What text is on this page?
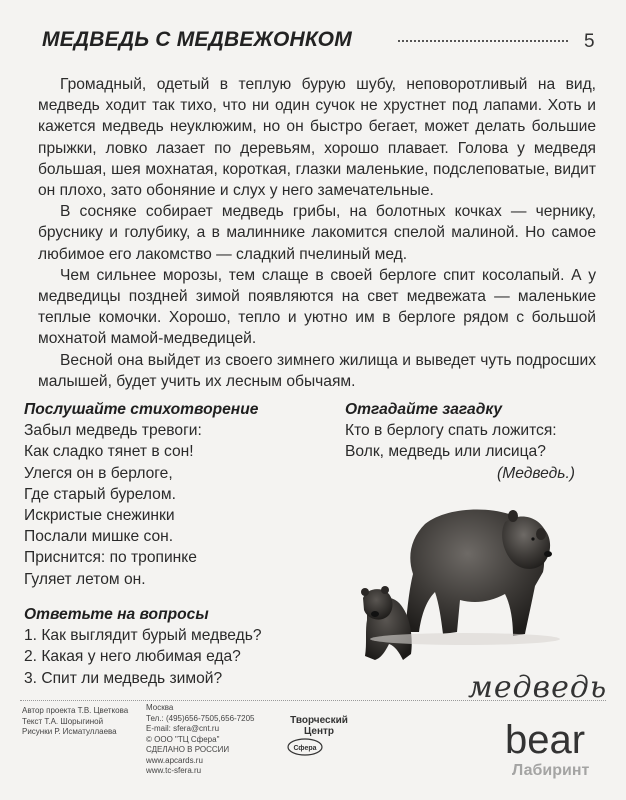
МЕДВЕДЬ С МЕДВЕЖОНКОМ	5

Громадный, одетый в теплую бурую шубу, неповоротливый на вид, медведь ходит так тихо, что ни один сучок не хрустнет под лапами. Хоть и кажется медведь неуклюжим, но он быстро бегает, может делать большие прыжки, ловко лазает по деревьям, хорошо плавает. Голова у медведя большая, шея мохнатая, короткая, глазки маленькие, подслеповатые, видит он плохо, зато обоняние и слух у него замечательные.

В сосняке собирает медведь грибы, на болотных кочках — чернику, бруснику и голубику, а в малиннике лакомится спелой малиной. Но самое любимое его лакомство — сладкий пчелиный мед.

Чем сильнее морозы, тем слаще в своей берлоге спит косолапый. А у медведицы поздней зимой появляются на свет медвежата — маленькие теплые комочки. Хорошо, тепло и уютно им в берлоге рядом с большой мохнатой мамой-медведицей.

Весной она выйдет из своего зимнего жилища и выведет чуть подросших малышей, будет учить их лесным обычаям.

Послушайте стихотворение
Забыл медведь тревоги:
Как сладко тянет в сон!
Улегся он в берлоге,
Где старый бурелом.
Искристые снежинки
Послали мишке сон.
Приснится: по тропинке
Гуляет летом он.
Отгадайте загадку
Кто в берлогу спать ложится:
Волк, медведь или лисица?
(Медведь.)
Ответьте на вопросы
1. Как выглядит бурый медведь?
2. Какая у него любимая еда?
3. Спит ли медведь зимой?
Автор проекта Т.В. Цветкова
Текст Т.А. Шорыгиной
Рисунки Р. Исматуллаева
Москва
Тел.: (495)656-7505,656-7205
E-mail: sfera@cnt.ru
© ООО "ТЦ Сфера"
СДЕЛАНО В РОССИИ
www.apcards.ru
www.tc-sfera.ru
Творческий Центр
Сфера
медведь
bear
Лабиринт
